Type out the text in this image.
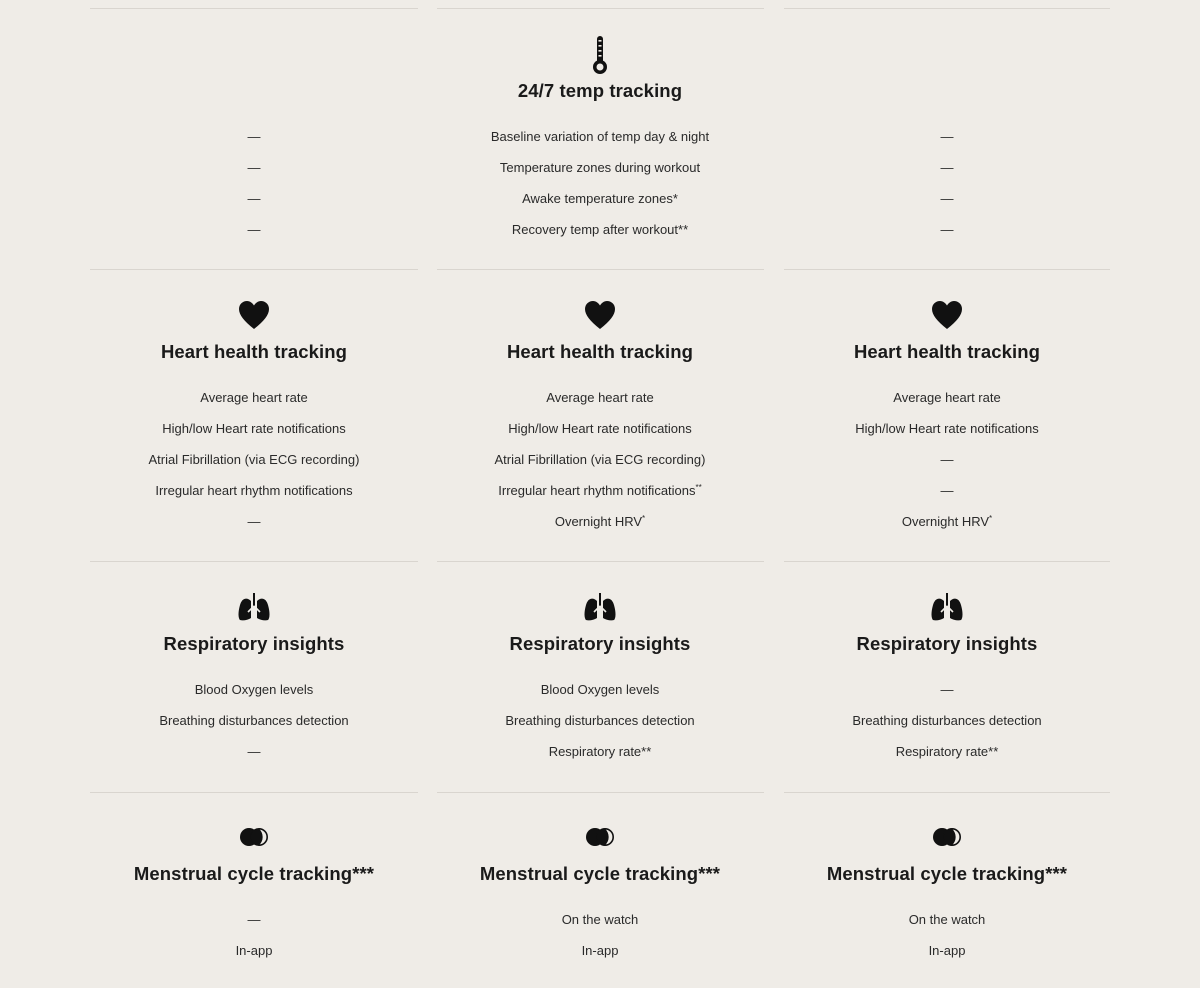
—
—
—
—
24/7 temp tracking
Baseline variation of temp day & night
Temperature zones during workout
Awake temperature zones*
Recovery temp after workout**
—
—
—
—
Heart health tracking
Average heart rate
High/low Heart rate notifications
Atrial Fibrillation (via ECG recording)
Irregular heart rhythm notifications
—
Heart health tracking
Average heart rate
High/low Heart rate notifications
Atrial Fibrillation (via ECG recording)
Irregular heart rhythm notifications**
Overnight HRV*
Heart health tracking
Average heart rate
High/low Heart rate notifications
—
—
Overnight HRV*
Respiratory insights
Blood Oxygen levels
Breathing disturbances detection
—
Respiratory insights
Blood Oxygen levels
Breathing disturbances detection
Respiratory rate**
Respiratory insights
—
Breathing disturbances detection
Respiratory rate**
Menstrual cycle tracking***
—
In-app
Menstrual cycle tracking***
On the watch
In-app
Menstrual cycle tracking***
On the watch
In-app
